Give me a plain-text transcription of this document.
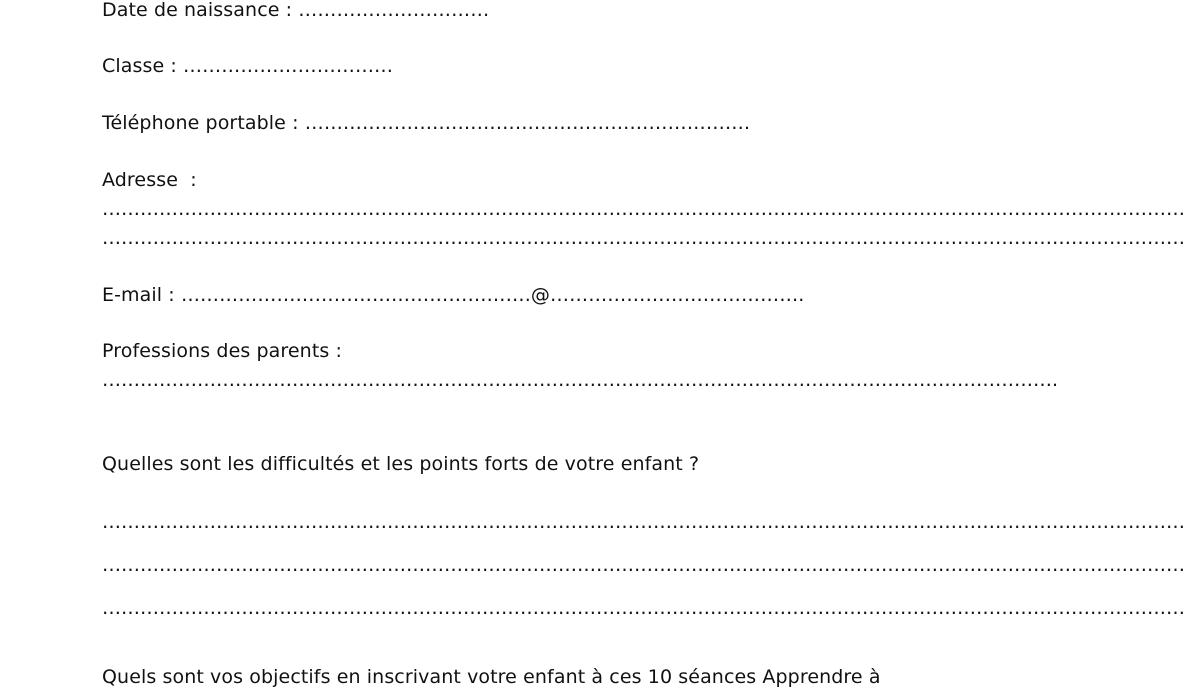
Date de naissance : …………………………
Classe : ……………………………
Téléphone portable : …………………………………………………………….
Adresse  :
………………………………………………………………………………………………………………………………………………………
………………………………………………………………………………………………………………………………………………………
E-mail : ……………………………………………….@………………………………….
Professions des parents :
…………………………………………………………………………………………………………………………………….
Quelles sont les difficultés et les points forts de votre enfant ?
………………………………………………………………………………………………………………………………………………………
………………………………………………………………………………………………………………………………………………………
………………………………………………………………………………………………………………………………………………………
Quels sont vos objectifs en inscrivant votre enfant à ces 10 séances Apprendre à
